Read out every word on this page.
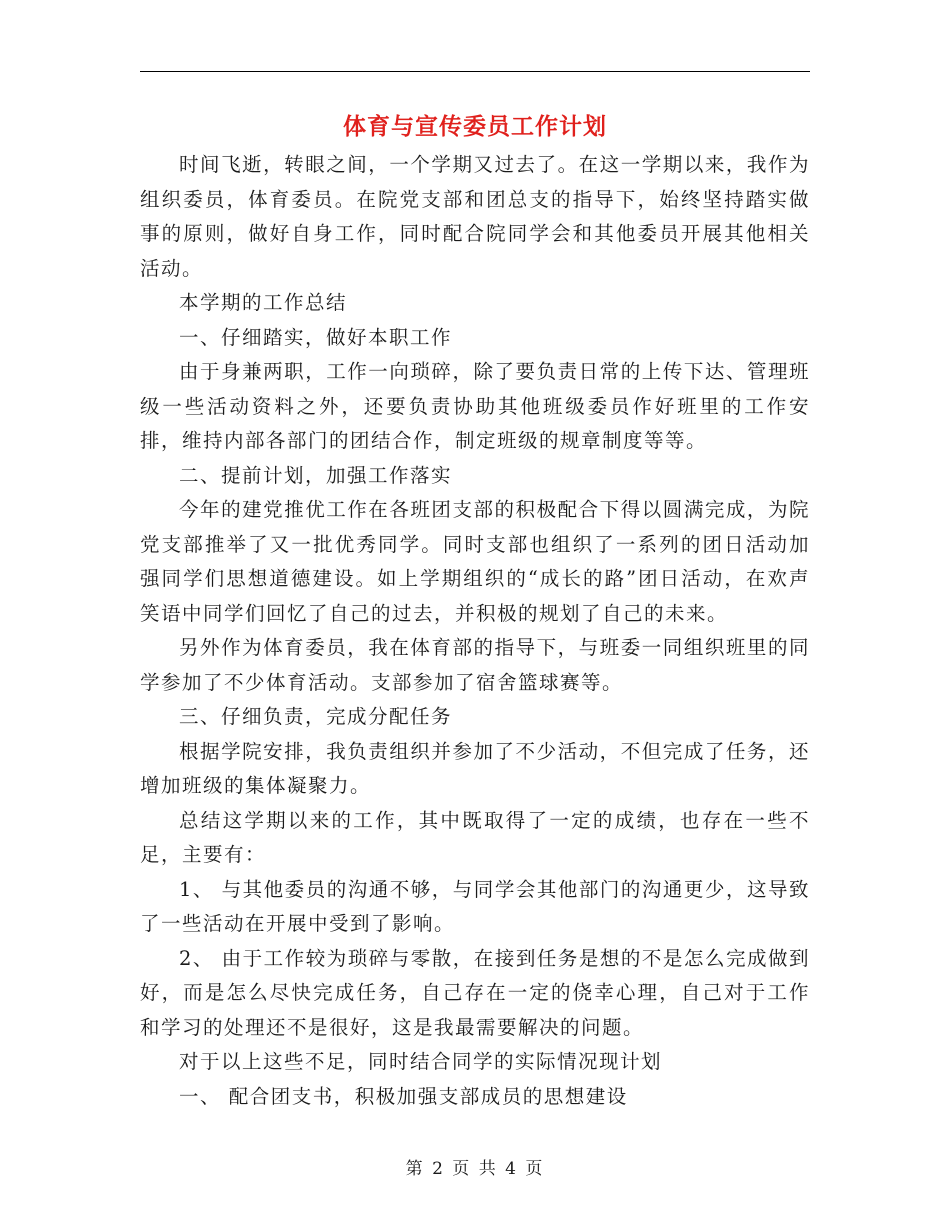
体育与宣传委员工作计划

时间飞逝，转眼之间，一个学期又过去了。在这一学期以来，我作为组织委员，体育委员。在院党支部和团总支的指导下，始终坚持踏实做事的原则，做好自身工作，同时配合院同学会和其他委员开展其他相关活动。

本学期的工作总结

一、仔细踏实，做好本职工作

由于身兼两职，工作一向琐碎，除了要负责日常的上传下达、管理班级一些活动资料之外，还要负责协助其他班级委员作好班里的工作安排，维持内部各部门的团结合作，制定班级的规章制度等等。

二、提前计划，加强工作落实

今年的建党推优工作在各班团支部的积极配合下得以圆满完成，为院党支部推举了又一批优秀同学。同时支部也组织了一系列的团日活动加强同学们思想道德建设。如上学期组织的“成长的路”团日活动，在欢声笑语中同学们回忆了自己的过去，并积极的规划了自己的未来。

另外作为体育委员，我在体育部的指导下，与班委一同组织班里的同学参加了不少体育活动。支部参加了宿舍篮球赛等。

三、仔细负责，完成分配任务

根据学院安排，我负责组织并参加了不少活动，不但完成了任务，还增加班级的集体凝聚力。

总结这学期以来的工作，其中既取得了一定的成绩，也存在一些不足，主要有：

1、 与其他委员的沟通不够，与同学会其他部门的沟通更少，这导致了一些活动在开展中受到了影响。

2、 由于工作较为琐碎与零散，在接到任务是想的不是怎么完成做到好，而是怎么尽快完成任务，自己存在一定的侥幸心理，自己对于工作和学习的处理还不是很好，这是我最需要解决的问题。

对于以上这些不足，同时结合同学的实际情况现计划

一、 配合团支书，积极加强支部成员的思想建设

第 2 页 共 4 页
